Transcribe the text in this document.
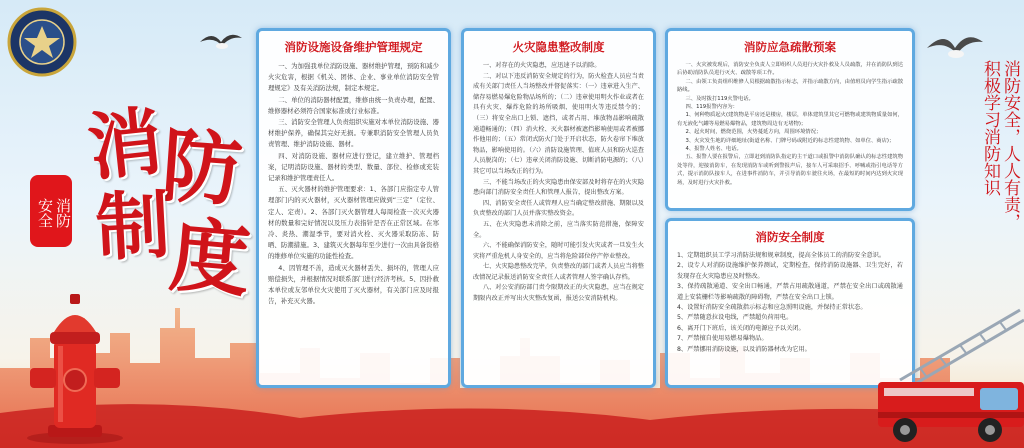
消
防
制
度
消防
安全
消防设施设备维护管理规定

一、为加强我单位消防设施、器材维护管理，预防和减少火灾危害，根据《机关、团体、企业、事业单位消防安全管理规定》及有关消防法规，制定本规定。

二、单位的消防器材配置，维修由统一负责办理，配置、维修器材必须符合国家标准或行业标准。

三、消防安全管理人负责组织实施对本单位消防设施、器材维护保养，确保其完好无损。专兼职消防安全管理人员负责管理、维护消防设施、器材。

四、对消防设施、器材应进行登记，建立维护、管理档案，记明消防设施、器材的类型、数量、部位、检修或充装记录和维护管理责任人。

五、灭火器材的维护管理要求：1、各部门应指定专人管理部门内的灭火器材，灭火器材管理应做到“三定”（定位、定人、定责）。2、各部门灭火器管理人每周检查一次灭火器材的数量和完好情况以及压力表指针是否在正常区域。在寒冷、炎热、潮湿季节，要对消火栓、灭火器采取防冻、防晒、防潮措施。3、建筑灭火器每年至少进行一次由具备资格的维修单位实施的功能性检查。

4、因管理不善，造成灭火器材丢失、损坏的，管理人应赔偿损失，并根据情况对联系部门进行经济考核。5、因扑救本单位或友邻单位火灾使用了灭火器材，有关部门应及时报告，补充灭火器。

火灾隐患整改制度

一、对存在的火灾隐患，应迅速予以消除。

二、对以下违反消防安全规定的行为，防火检查人员应当责成有关部门责任人当场整改并督促落实：（一）违章进入生产、储存易燃易爆危险物品场所的；（二）违章使用明火作业或者在具有火灾、爆炸危险的场所吸烟、使用明火等违反禁令的；（三）将安全出口上锁、遮挡，或者占用、堆放物品影响疏散通道畅通的；（四）消火栓、灭火器材被遮挡影响使用或者被挪作他用的；（五）常闭式防火门处于开启状态，防火卷帘下堆放物品，影响使用的。（六）消防设施管理、值班人员和防火巡查人员脱岗的；（七）违章关闭消防设施、切断消防电源的；（八）其它可以当场改正的行为。

三、不能当场改正的火灾隐患由保安部及时将存在的火灾隐患向部门消防安全责任人和管理人报告，提出整改方案。

四、消防安全责任人或管理人应当确定整改措施、期限以及负责整改的部门人员并落实整改资金。

五、在火灾隐患未消除之前，应当落实防范措施，保障安全。

六、不能确保消防安全，随时可能引发火灾或者一旦发生火灾将严重危机人身安全的，应当将危险部位停产停业整改。

七、火灾隐患整改完毕，负责整改的部门或者人员应当将整改情况记录报送消防安全责任人或者管理人签字确认存档。

八、对公安消防部门责令限期改正的火灾隐患，应当在规定期限内改正并写出火灾整改复函，报送公安消防机构。

消防应急疏散预案

一、火灾被发现后，消防安全负责人立即组织人员进行火灾扑救及人员疏散，并在消防队到达后协助消防队员进行灭火、疏散等项工作。

二、由领工负责组织维修人员根据疏散指示标志，并指示疏散方向，由值班员向学生指示疏散路线。

三、及时拨打119火警电话。

四、119报警内容为：

1、何种物质起火(建筑物是平房还是楼房，楼层，单体建筑里其它可燃物或建筑物质量如何，有无液化气罐等易燃易爆物品，建筑物周边有无堵物)；

2、起火时间，燃烧范围，火势蔓延方向，周围环境情况；

3、火灾发生地的详细地址(街道名称、门牌号码或附近的标志性建筑物、如单位、商店)；

4、报警人姓名、电话。

五、报警人要在报警后，立即赶到消防队指定的主干道口或报警中消防队确认的标志性建筑物处等待，迎接消防车，在发现消防车或听到警报声后，接车人可采取招手、呼喊或指引电话等方式，提示消防队接车人，在进事件消防车，并引导消防车驶往火场，在最短的时间内达到火灾现场，及时进行火灾扑救。

消防安全制度

1、定期组织员工学习消防法规和规章制度，提高全体员工的消防安全意识。

2、设专人对消防设施维护保养测试，定期检查，保持消防设施器、卫生完好，若发现存在火灾隐患应及时整改。

3、保持疏散通道、安全出口畅通，严禁占用疏散通道，严禁在安全出口或疏散通道上安装栅栏等影响疏散的障碍物，严禁在安全出口上锁。

4、设置好消防安全疏散指示标志和应急照明设施，并保持正常状态。

5、严禁随意拉设电线，严禁超负荷用电。

6、离开门下班后，该关闭的电源应予以关闭。

7、严禁擅自使用易燃易爆物品。

8、严禁挪用消防设施，以及消防器材改为它用。

消防安全，人人有责，
积极学习消防知识
